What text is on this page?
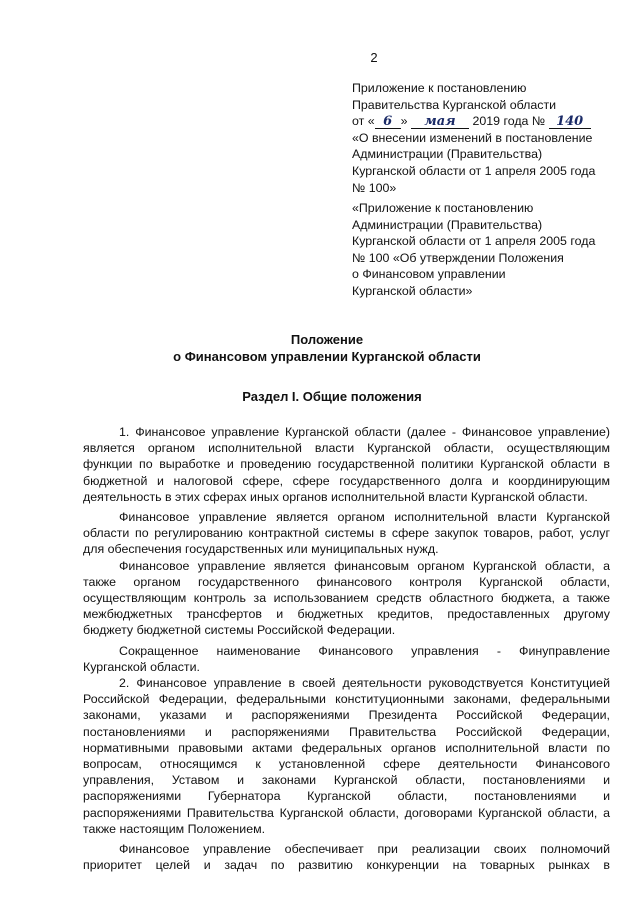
2
Приложение к постановлению
Правительства Курганской области
от « 6 » мая 2019 года № 140
«О внесении изменений в постановление
Администрации (Правительства)
Курганской области от 1 апреля 2005 года
№ 100»
«Приложение к постановлению
Администрации (Правительства)
Курганской области от 1 апреля 2005 года
№ 100 «Об утверждении Положения
о Финансовом управлении
Курганской области»
Положение
о Финансовом управлении Курганской области
Раздел I. Общие положения
1. Финансовое управление Курганской области (далее - Финансовое управление)
является органом исполнительной власти Курганской области, осуществляющим
функции по выработке и проведению государственной политики Курганской области в
бюджетной и налоговой сфере, сфере государственного долга и координирующим
деятельность в этих сферах иных органов исполнительной власти Курганской области.
Финансовое управление является органом исполнительной власти Курганской
области по регулированию контрактной системы в сфере закупок товаров, работ, услуг
для обеспечения государственных или муниципальных нужд.
Финансовое управление является финансовым органом Курганской области, а
также органом государственного финансового контроля Курганской области,
осуществляющим контроль за использованием средств областного бюджета, а также
межбюджетных трансфертов и бюджетных кредитов, предоставленных другому
бюджету бюджетной системы Российской Федерации.
Сокращенное наименование Финансового управления - Финуправление
Курганской области.
2. Финансовое управление в своей деятельности руководствуется Конституцией
Российской Федерации, федеральными конституционными законами, федеральными
законами, указами и распоряжениями Президента Российской Федерации,
постановлениями и распоряжениями Правительства Российской Федерации,
нормативными правовыми актами федеральных органов исполнительной власти по
вопросам, относящимся к установленной сфере деятельности Финансового
управления, Уставом и законами Курганской области, постановлениями и
распоряжениями Губернатора Курганской области, постановлениями и
распоряжениями Правительства Курганской области, договорами Курганской области, а
также настоящим Положением.
Финансовое управление обеспечивает при реализации своих полномочий
приоритет целей и задач по развитию конкуренции на товарных рынках в
